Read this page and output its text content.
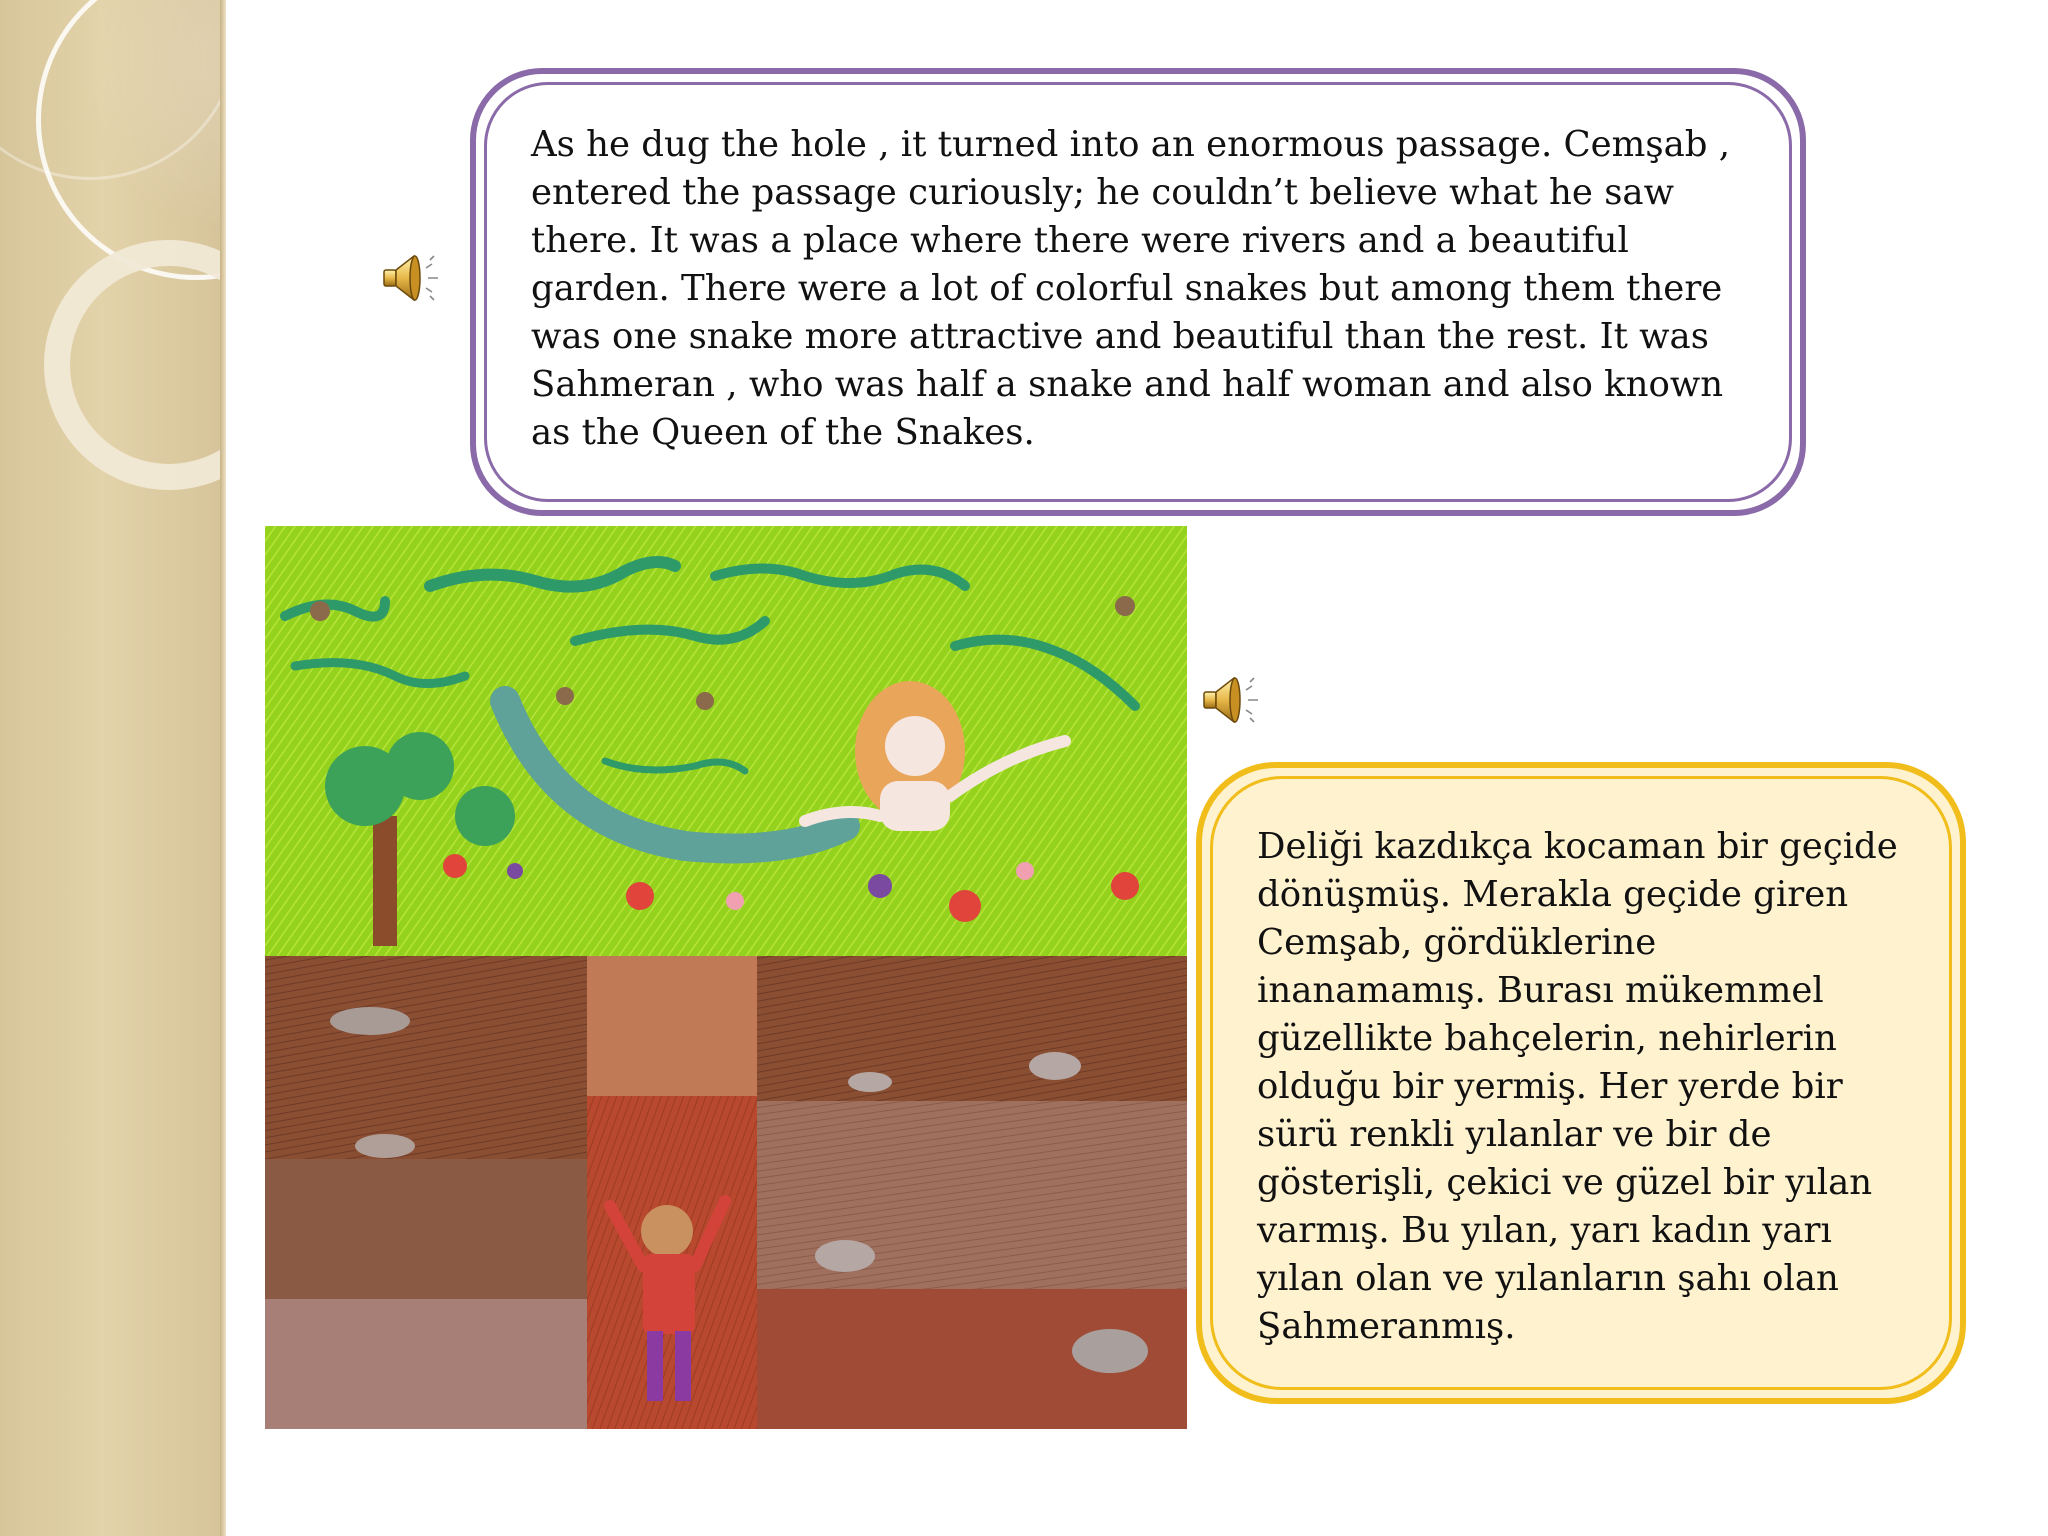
As he dug the hole , it turned into an enormous passage. Cemşab ,
entered the passage curiously; he couldn’t believe what he saw
there. It was a place where there were rivers and a beautiful
garden. There were a lot of colorful snakes but among them there
was one snake more attractive and beautiful than the rest. It was
Sahmeran , who was half a snake and half woman and also known
as the Queen of the Snakes.

Deliği kazdıkça kocaman bir geçide
dönüşmüş. Merakla geçide giren
Cemşab, gördüklerine
inanamamış. Burası mükemmel
güzellikte bahçelerin, nehirlerin
olduğu bir yermiş. Her yerde bir
sürü renkli yılanlar ve bir de
gösterişli, çekici ve güzel bir yılan
varmış. Bu yılan, yarı kadın yarı
yılan olan ve yılanların şahı olan
Şahmeranmış.
